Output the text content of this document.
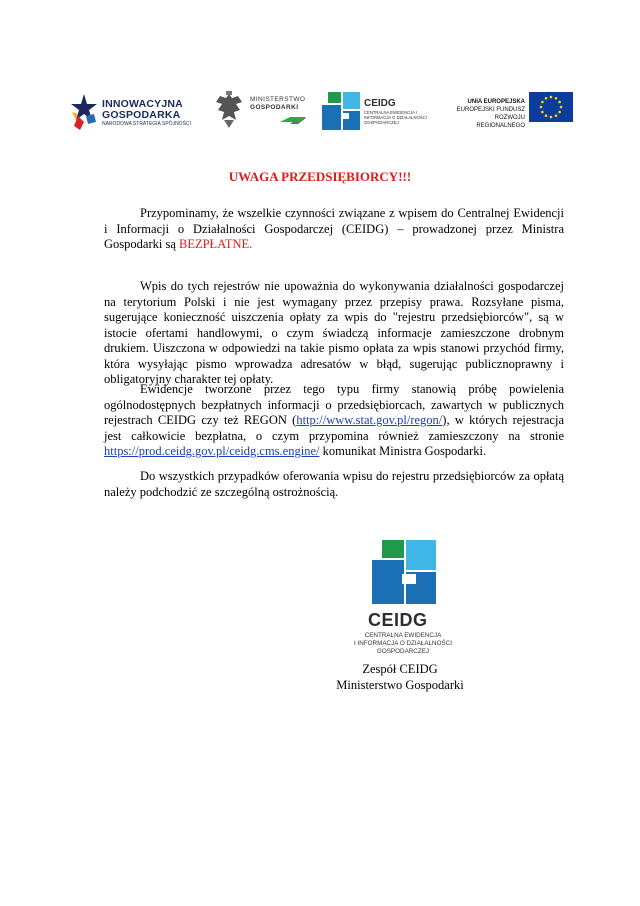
INNOWACYJNA
GOSPODARKA
NARODOWA STRATEGIA SPÓJNOŚCI
MINISTERSTWO
GOSPODARKI	CEIDG
CENTRALNA EWIDENCJA I INFORMACJA O DZIAŁALNOŚCI GOSPODARCZEJ
UNIA EUROPEJSKA
EUROPEJSKI FUNDUSZ
ROZWOJU REGIONALNEGO
UWAGA PRZEDSIĘBIORCY!!!

Przypominamy, że wszelkie czynności związane z wpisem do Centralnej Ewidencji i Informacji o Działalności Gospodarczej (CEIDG) – prowadzonej przez Ministra Gospodarki są BEZPŁATNE.

Wpis do tych rejestrów nie upoważnia do wykonywania działalności gospodarczej na terytorium Polski i nie jest wymagany przez przepisy prawa. Rozsyłane pisma, sugerujące konieczność uiszczenia opłaty za wpis do "rejestru przedsiębiorców", są w istocie ofertami handlowymi, o czym świadczą informacje zamieszczone drobnym drukiem. Uiszczona w odpowiedzi na takie pismo opłata za wpis stanowi przychód firmy, która wysyłając pismo wprowadza adresatów w błąd, sugerując publicznoprawny i obligatoryjny charakter tej opłaty.

Ewidencje tworzone przez tego typu firmy stanowią próbę powielenia ogólnodostępnych bezpłatnych informacji o przedsiębiorcach, zawartych w publicznych rejestrach CEIDG czy też REGON (http://www.stat.gov.pl/regon/), w których rejestracja jest całkowicie bezpłatna, o czym przypomina również zamieszczony na stronie https://prod.ceidg.gov.pl/ceidg.cms.engine/ komunikat Ministra Gospodarki.

Do wszystkich przypadków oferowania wpisu do rejestru przedsiębiorców za opłatą należy podchodzić ze szczególną ostrożnością.

CEIDG
CENTRALNA EWIDENCJA
I INFORMACJA O DZIAŁALNOŚCI
GOSPODARCZEJ
Zespół CEIDG
Ministerstwo Gospodarki
